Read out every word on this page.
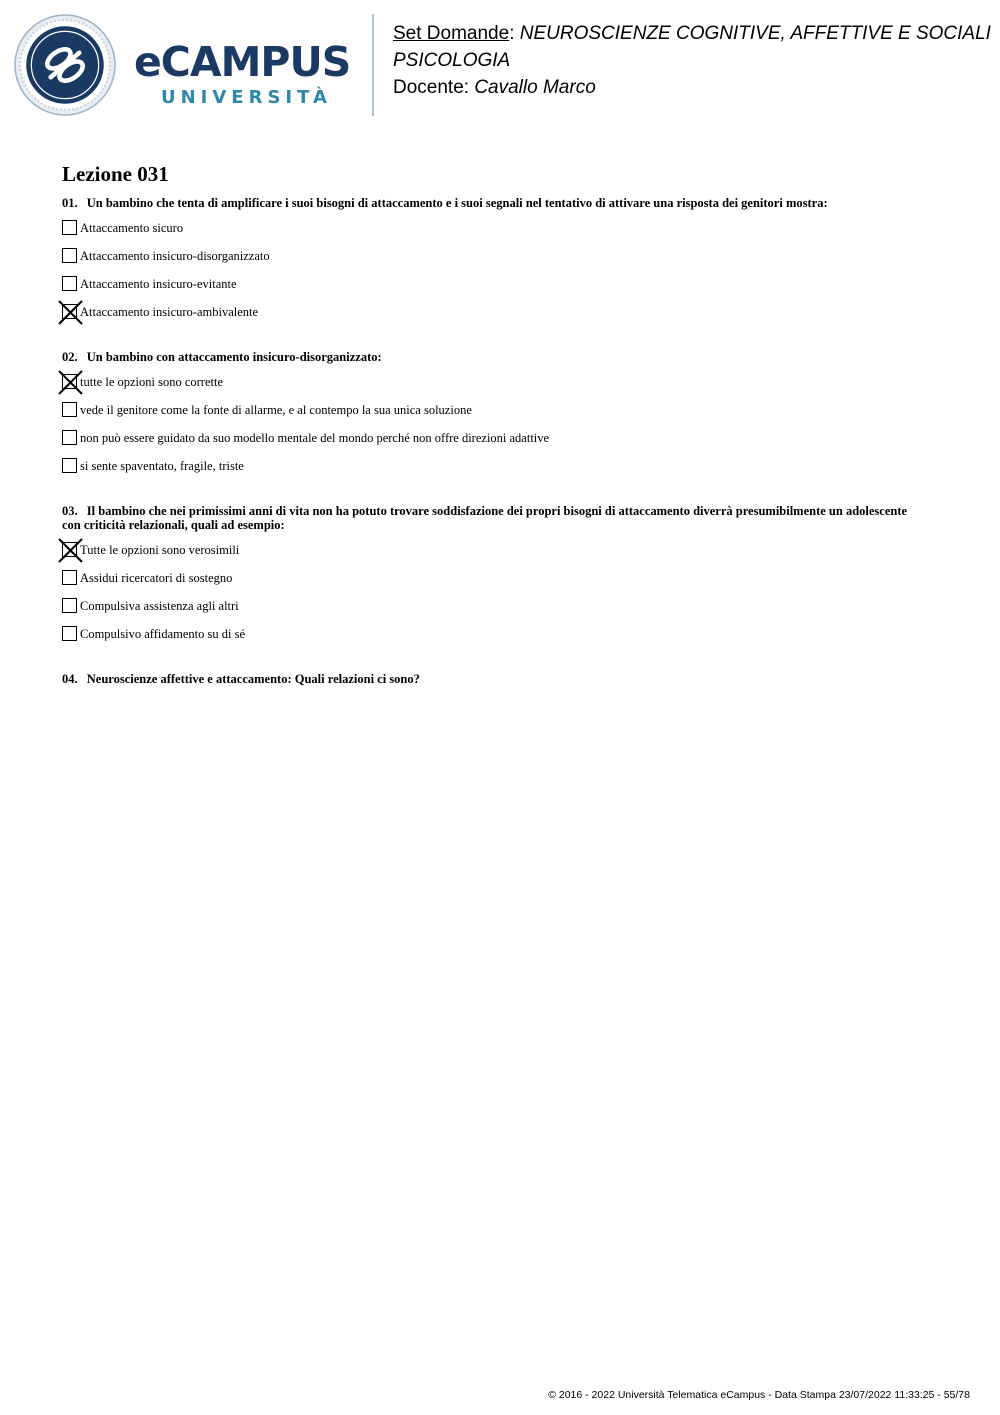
eCAMPUS
UNIVERSITÀ
Set Domande: NEUROSCIENZE COGNITIVE, AFFETTIVE E SOCIALI
PSICOLOGIA
Docente: Cavallo Marco
Lezione 031
01. Un bambino che tenta di amplificare i suoi bisogni di attaccamento e i suoi segnali nel tentativo di attivare una risposta dei genitori mostra:
Attaccamento sicuro
Attaccamento insicuro-disorganizzato
Attaccamento insicuro-evitante
Attaccamento insicuro-ambivalente
02. Un bambino con attaccamento insicuro-disorganizzato:
tutte le opzioni sono corrette
vede il genitore come la fonte di allarme, e al contempo la sua unica soluzione
non può essere guidato da suo modello mentale del mondo perché non offre direzioni adattive
si sente spaventato, fragile, triste
03. Il bambino che nei primissimi anni di vita non ha potuto trovare soddisfazione dei propri bisogni di attaccamento diverrà presumibilmente un adolescente
con criticità relazionali, quali ad esempio:
Tutte le opzioni sono verosimili
Assidui ricercatori di sostegno
Compulsiva assistenza agli altri
Compulsivo affidamento su di sé
04. Neuroscienze affettive e attaccamento: Quali relazioni ci sono?
© 2016 - 2022 Università Telematica eCampus - Data Stampa 23/07/2022 11:33:25 - 55/78
